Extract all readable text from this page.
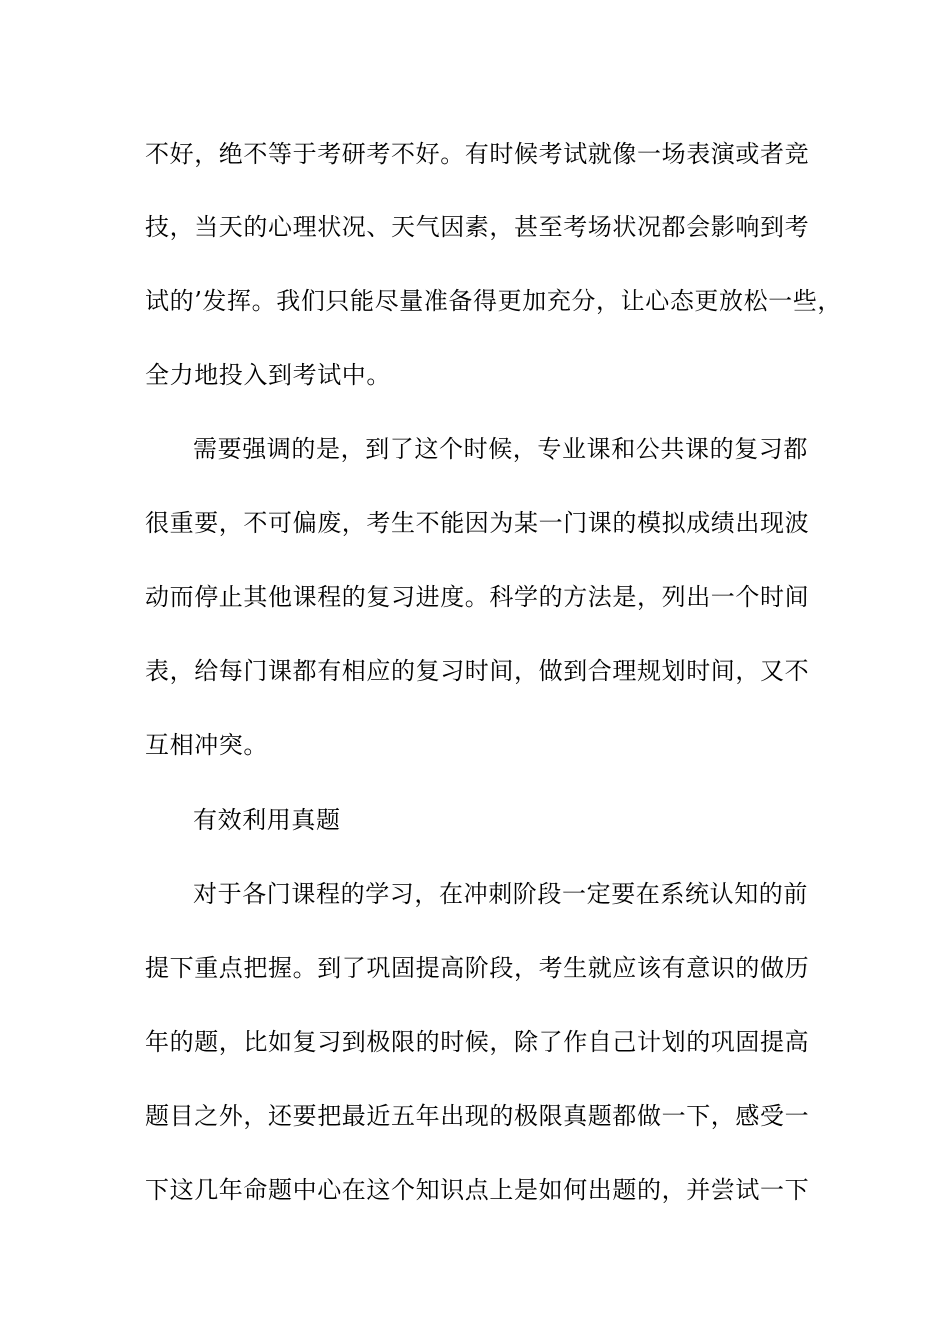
不好，绝不等于考研考不好。有时候考试就像一场表演或者竞
技，当天的心理状况、天气因素，甚至考场状况都会影响到考
试的’发挥。我们只能尽量准备得更加充分，让心态更放松一些，
全力地投入到考试中。
需要强调的是，到了这个时候，专业课和公共课的复习都
很重要，不可偏废，考生不能因为某一门课的模拟成绩出现波
动而停止其他课程的复习进度。科学的方法是，列出一个时间
表，给每门课都有相应的复习时间，做到合理规划时间，又不
互相冲突。
有效利用真题
对于各门课程的学习，在冲刺阶段一定要在系统认知的前
提下重点把握。到了巩固提高阶段，考生就应该有意识的做历
年的题，比如复习到极限的时候，除了作自己计划的巩固提高
题目之外，还要把最近五年出现的极限真题都做一下，感受一
下这几年命题中心在这个知识点上是如何出题的，并尝试一下
